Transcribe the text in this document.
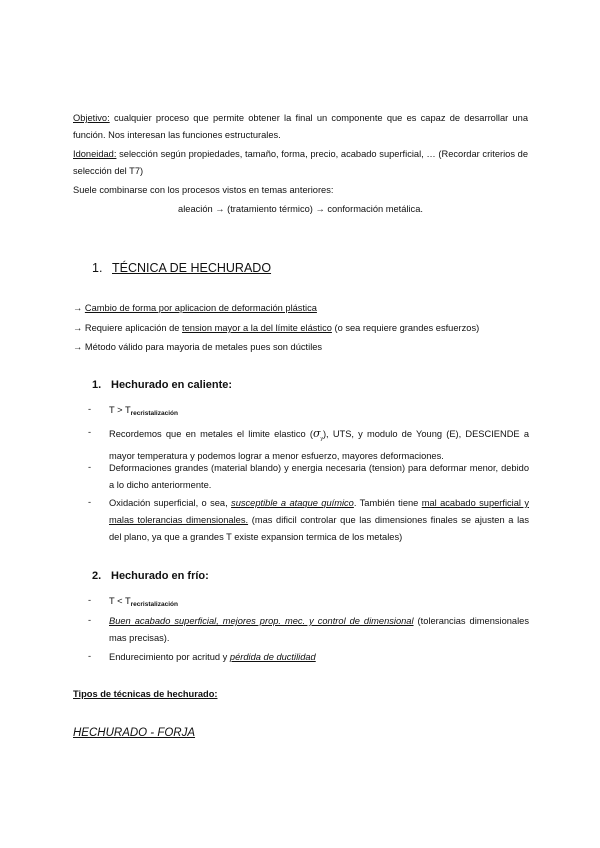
Objetivo: cualquier proceso que permite obtener la final un componente que es capaz de desarrollar una función. Nos interesan las funciones estructurales.
Idoneidad: selección según propiedades, tamaño, forma, precio, acabado superficial, … (Recordar criterios de selección del T7)
Suele combinarse con los procesos vistos en temas anteriores:
aleación → (tratamiento térmico) → conformación metálica.
1. TÉCNICA DE HECHURADO
→ Cambio de forma por aplicacion de deformación plástica
→ Requiere aplicación de tension mayor a la del límite elástico (o sea requiere grandes esfuerzos)
→ Método válido para mayoria de metales pues son dúctiles
1. Hechurado en caliente:
- $T > T_{recristalización}$
- Recordemos que en metales el limite elastico $(\sigma_y)$, UTS, y modulo de Young (E), DESCIENDE a mayor temperatura y podemos lograr a menor esfuerzo, mayores deformaciones.
- Deformaciones grandes (material blando) y energia necesaria (tension) para deformar menor, debido a lo dicho anteriormente.
- Oxidación superficial, o sea, susceptible a ataque químico. También tiene mal acabado superficial y malas tolerancias dimensionales. (mas dificil controlar que las dimensiones finales se ajusten a las del plano, ya que a grandes T existe expansion termica de los metales)
2. Hechurado en frío:
- $T < T_{recristalización}$
- Buen acabado superficial, mejores prop. mec. y control de dimensional (tolerancias dimensionales mas precisas).
- Endurecimiento por acritud y pérdida de ductilidad
Tipos de técnicas de hechurado:
HECHURADO - FORJA
